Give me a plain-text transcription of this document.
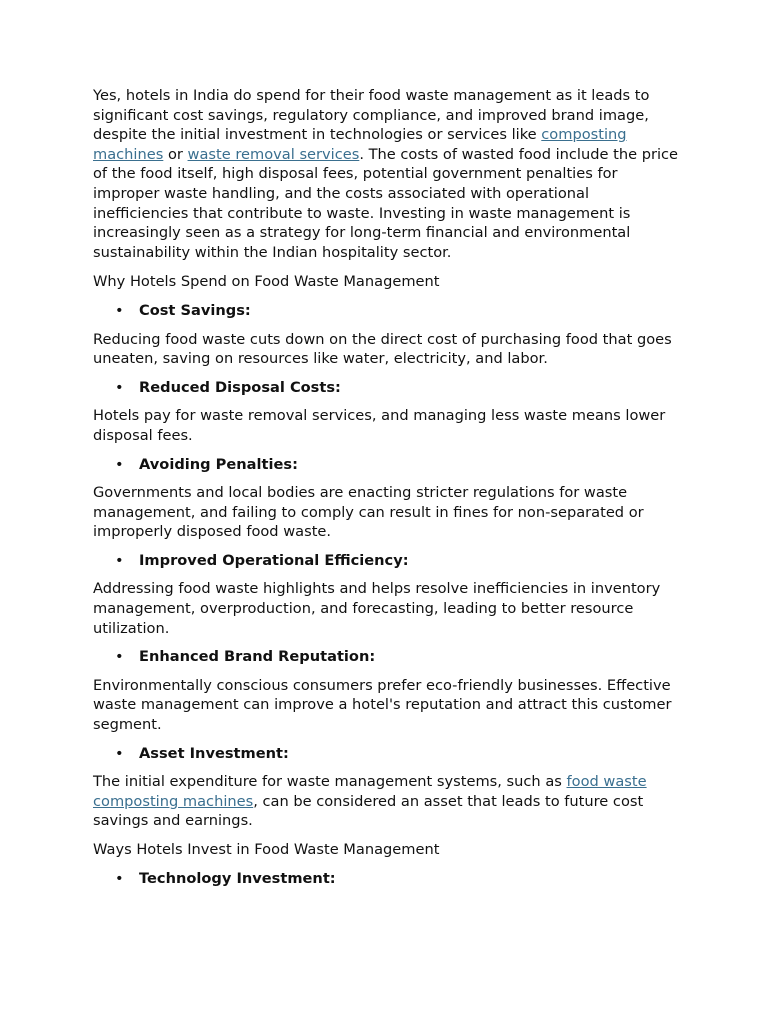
Yes, hotels in India do spend for their food waste management as it leads to significant cost savings, regulatory compliance, and improved brand image, despite the initial investment in technologies or services like composting machines or waste removal services. The costs of wasted food include the price of the food itself, high disposal fees, potential government penalties for improper waste handling, and the costs associated with operational inefficiencies that contribute to waste. Investing in waste management is increasingly seen as a strategy for long-term financial and environmental sustainability within the Indian hospitality sector.

Why Hotels Spend on Food Waste Management

• Cost Savings:

Reducing food waste cuts down on the direct cost of purchasing food that goes uneaten, saving on resources like water, electricity, and labor.

• Reduced Disposal Costs:

Hotels pay for waste removal services, and managing less waste means lower disposal fees.

• Avoiding Penalties:

Governments and local bodies are enacting stricter regulations for waste management, and failing to comply can result in fines for non-separated or improperly disposed food waste.

• Improved Operational Efficiency:

Addressing food waste highlights and helps resolve inefficiencies in inventory management, overproduction, and forecasting, leading to better resource utilization.

• Enhanced Brand Reputation:

Environmentally conscious consumers prefer eco-friendly businesses. Effective waste management can improve a hotel's reputation and attract this customer segment.

• Asset Investment:

The initial expenditure for waste management systems, such as food waste composting machines, can be considered an asset that leads to future cost savings and earnings.

Ways Hotels Invest in Food Waste Management

• Technology Investment:
